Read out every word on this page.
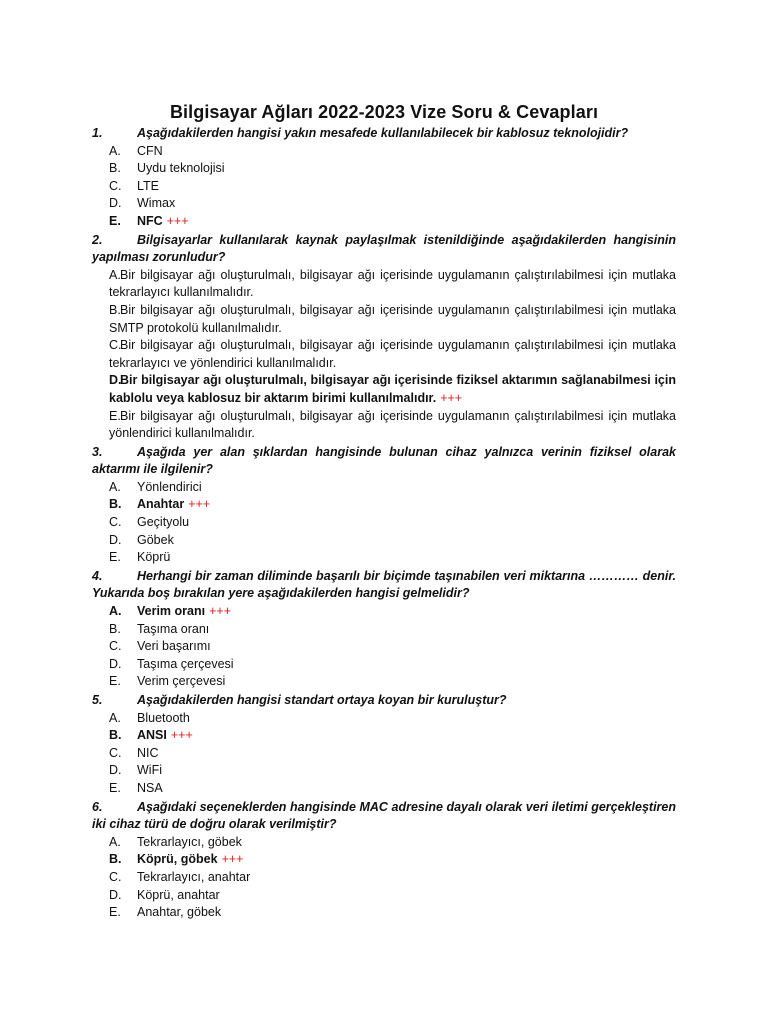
Bilgisayar Ağları 2022-2023 Vize Soru & Cevapları
1.	Aşağıdakilerden hangisi yakın mesafede kullanılabilecek bir kablosuz teknolojidir?
A.	CFN
B.	Uydu teknolojisi
C.	LTE
D.	Wimax
E.	NFC +++
2.	Bilgisayarlar kullanılarak kaynak paylaşılmak istenildiğinde aşağıdakilerden hangisinin yapılması zorunludur?
A.Bir bilgisayar ağı oluşturulmalı, bilgisayar ağı içerisinde uygulamanın çalıştırılabilmesi için mutlaka tekrarlayıcı kullanılmalıdır.
B.Bir bilgisayar ağı oluşturulmalı, bilgisayar ağı içerisinde uygulamanın çalıştırılabilmesi için mutlaka SMTP protokolü kullanılmalıdır.
C.Bir bilgisayar ağı oluşturulmalı, bilgisayar ağı içerisinde uygulamanın çalıştırılabilmesi için mutlaka tekrarlayıcı ve yönlendirici kullanılmalıdır.
D.Bir bilgisayar ağı oluşturulmalı, bilgisayar ağı içerisinde fiziksel aktarımın sağlanabilmesi için kablolu veya kablosuz bir aktarım birimi kullanılmalıdır. +++
E.Bir bilgisayar ağı oluşturulmalı, bilgisayar ağı içerisinde uygulamanın çalıştırılabilmesi için mutlaka yönlendirici kullanılmalıdır.
3.	Aşağıda yer alan şıklardan hangisinde bulunan cihaz yalnızca verinin fiziksel olarak aktarımı ile ilgilenir?
A.	Yönlendirici
B.	Anahtar +++
C.	Geçityolu
D.	Göbek
E.	Köprü
4.	Herhangi bir zaman diliminde başarılı bir biçimde taşınabilen veri miktarına ………… denir. Yukarıda boş bırakılan yere aşağıdakilerden hangisi gelmelidir?
A.	Verim oranı +++
B.	Taşıma oranı
C.	Veri başarımı
D.	Taşıma çerçevesi
E.	Verim çerçevesi
5.	Aşağıdakilerden hangisi standart ortaya koyan bir kuruluştur?
A.	Bluetooth
B.	ANSI +++
C.	NIC
D.	WiFi
E.	NSA
6.	Aşağıdaki seçeneklerden hangisinde MAC adresine dayalı olarak veri iletimi gerçekleştiren iki cihaz türü de doğru olarak verilmiştir?
A.	Tekrarlayıcı, göbek
B.	Köprü, göbek +++
C.	Tekrarlayıcı, anahtar
D.	Köprü, anahtar
E.	Anahtar, göbek
